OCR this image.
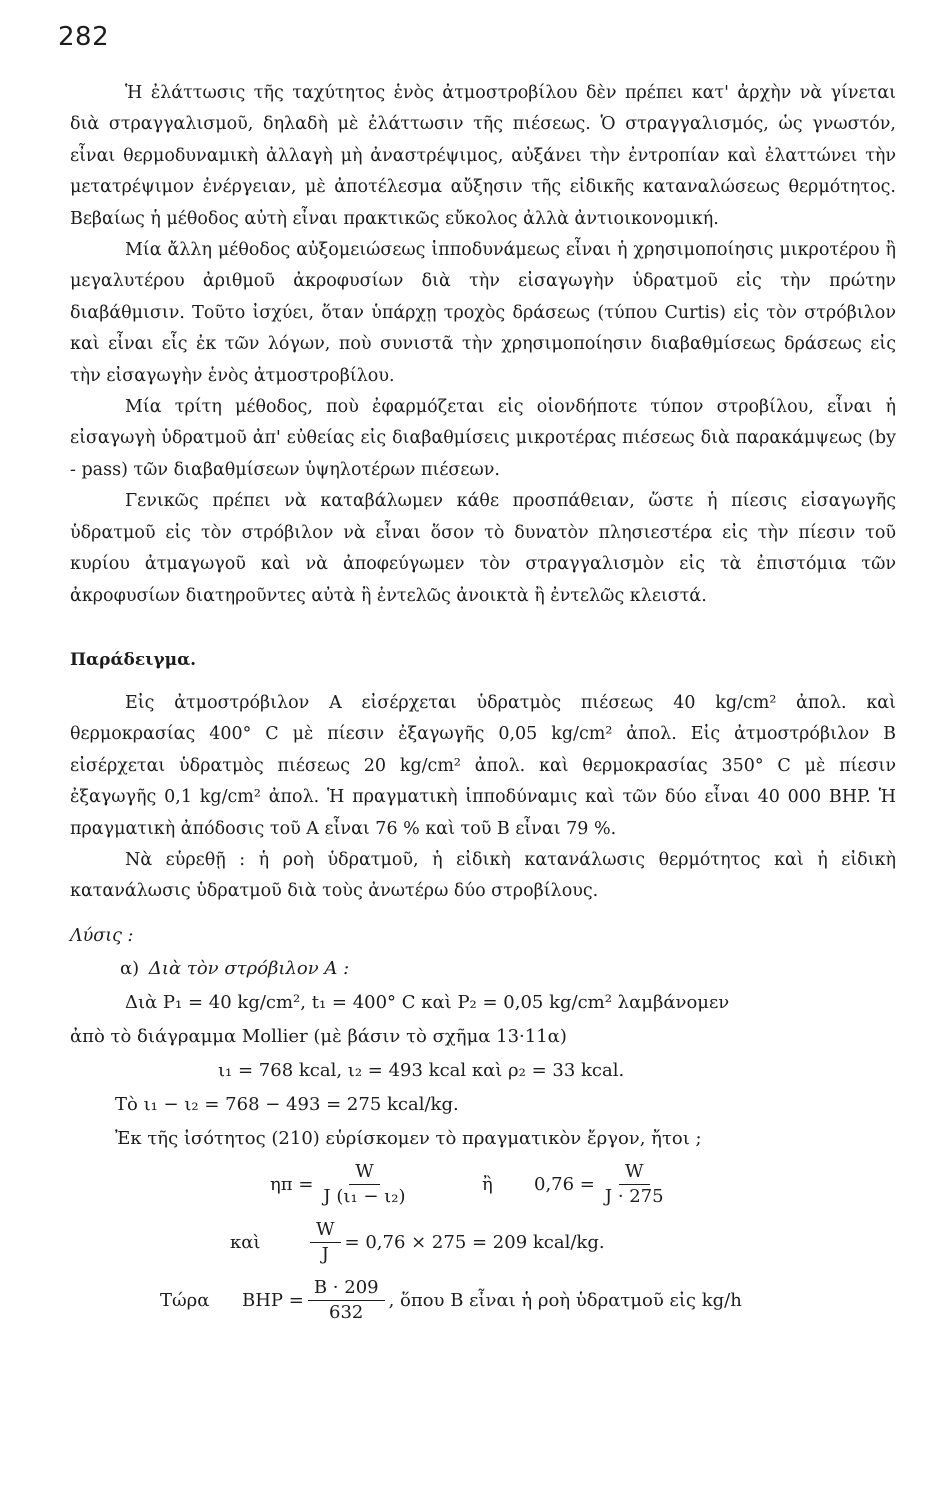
282

Ἡ ἐλάττωσις τῆς ταχύτητος ἑνὸς ἀτμοστροβίλου δὲν πρέπει κατ' ἀρχὴν νὰ γίνεται διὰ στραγγαλισμοῦ, δηλαδὴ μὲ ἐλάττωσιν τῆς πιέσεως. Ὁ στραγγαλισμός, ὡς γνωστόν, εἶναι θερμοδυναμικὴ ἀλλαγὴ μὴ ἀναστρέψιμος, αὐξάνει τὴν ἐντροπίαν καὶ ἐλαττώνει τὴν μετατρέψιμον ἐνέργειαν, μὲ ἀποτέλεσμα αὔξησιν τῆς εἰδικῆς καταναλώσεως θερμότητος. Βεβαίως ἡ μέθοδος αὐτὴ εἶναι πρακτικῶς εὔκολος ἀλλὰ ἀντιοικονομική.

Μία ἄλλη μέθοδος αὐξομειώσεως ἱπποδυνάμεως εἶναι ἡ χρησιμοποίησις μικροτέρου ἢ μεγαλυτέρου ἀριθμοῦ ἀκροφυσίων διὰ τὴν εἰσαγωγὴν ὑδρατμοῦ εἰς τὴν πρώτην διαβάθμισιν. Τοῦτο ἰσχύει, ὅταν ὑπάρχῃ τροχὸς δράσεως (τύπου Curtis) εἰς τὸν στρόβιλον καὶ εἶναι εἷς ἐκ τῶν λόγων, ποὺ συνιστᾶ τὴν χρησιμοποίησιν διαβαθμίσεως δράσεως εἰς τὴν εἰσαγωγὴν ἑνὸς ἀτμοστροβίλου.

Μία τρίτη μέθοδος, ποὺ ἐφαρμόζεται εἰς οἱονδήποτε τύπον στροβίλου, εἶναι ἡ εἰσαγωγὴ ὑδρατμοῦ ἀπ' εὐθείας εἰς διαβαθμίσεις μικροτέρας πιέσεως διὰ παρακάμψεως (by - pass) τῶν διαβαθμίσεων ὑψηλοτέρων πιέσεων.

Γενικῶς πρέπει νὰ καταβάλωμεν κάθε προσπάθειαν, ὥστε ἡ πίεσις εἰσαγωγῆς ὑδρατμοῦ εἰς τὸν στρόβιλον νὰ εἶναι ὅσον τὸ δυνατὸν πλησιεστέρα εἰς τὴν πίεσιν τοῦ κυρίου ἀτμαγωγοῦ καὶ νὰ ἀποφεύγωμεν τὸν στραγγαλισμὸν εἰς τὰ ἐπιστόμια τῶν ἀκροφυσίων διατηροῦντες αὐτὰ ἢ ἐντελῶς ἀνοικτὰ ἢ ἐντελῶς κλειστά.

Παράδειγμα.

Εἰς ἀτμοστρόβιλον A εἰσέρχεται ὑδρατμὸς πιέσεως 40 kg/cm² ἀπολ. καὶ θερμοκρασίας 400° C μὲ πίεσιν ἐξαγωγῆς 0,05 kg/cm² ἀπολ. Εἰς ἀτμοστρόβιλον B εἰσέρχεται ὑδρατμὸς πιέσεως 20 kg/cm² ἀπολ. καὶ θερμοκρασίας 350° C μὲ πίεσιν ἐξαγωγῆς 0,1 kg/cm² ἀπολ. Ἡ πραγματικὴ ἱπποδύναμις καὶ τῶν δύο εἶναι 40 000 BHP. Ἡ πραγματικὴ ἀπόδοσις τοῦ A εἶναι 76 % καὶ τοῦ B εἶναι 79 %.

Νὰ εὑρεθῇ : ἡ ροὴ ὑδρατμοῦ, ἡ εἰδικὴ κατανάλωσις θερμότητος καὶ ἡ εἰδικὴ κατανάλωσις ὑδρατμοῦ διὰ τοὺς ἀνωτέρω δύο στροβίλους.

Λύσις :
α) Διὰ τὸν στρόβιλον A :
Διὰ P₁ = 40 kg/cm², t₁ = 400° C καὶ P₂ = 0,05 kg/cm² λαμβάνομεν
ἀπὸ τὸ διάγραμμα Mollier (μὲ βάσιν τὸ σχῆμα 13·11α)
ι₁ = 768 kcal, ι₂ = 493 kcal καὶ ρ₂ = 33 kcal.
Τὸ ι₁ − ι₂ = 768 − 493 = 275 kcal/kg.
Ἐκ τῆς ἰσότητος (210) εὑρίσκομεν τὸ πραγματικὸν ἔργον, ἤτοι ;
$\eta\pi = \frac{W}{\text{J (ι₁ − ι₂)}}$	ἢ $0,76 = \frac{W}{J \cdot 275}$
καὶ	$\frac{W}{J} = 0,76 \times 275 = 209$ kcal/kg.
Τώρα BHP = $\frac{B \cdot 209}{632}$ , ὅπου B εἶναι ἡ ροὴ ὑδρατμοῦ εἰς kg/h
